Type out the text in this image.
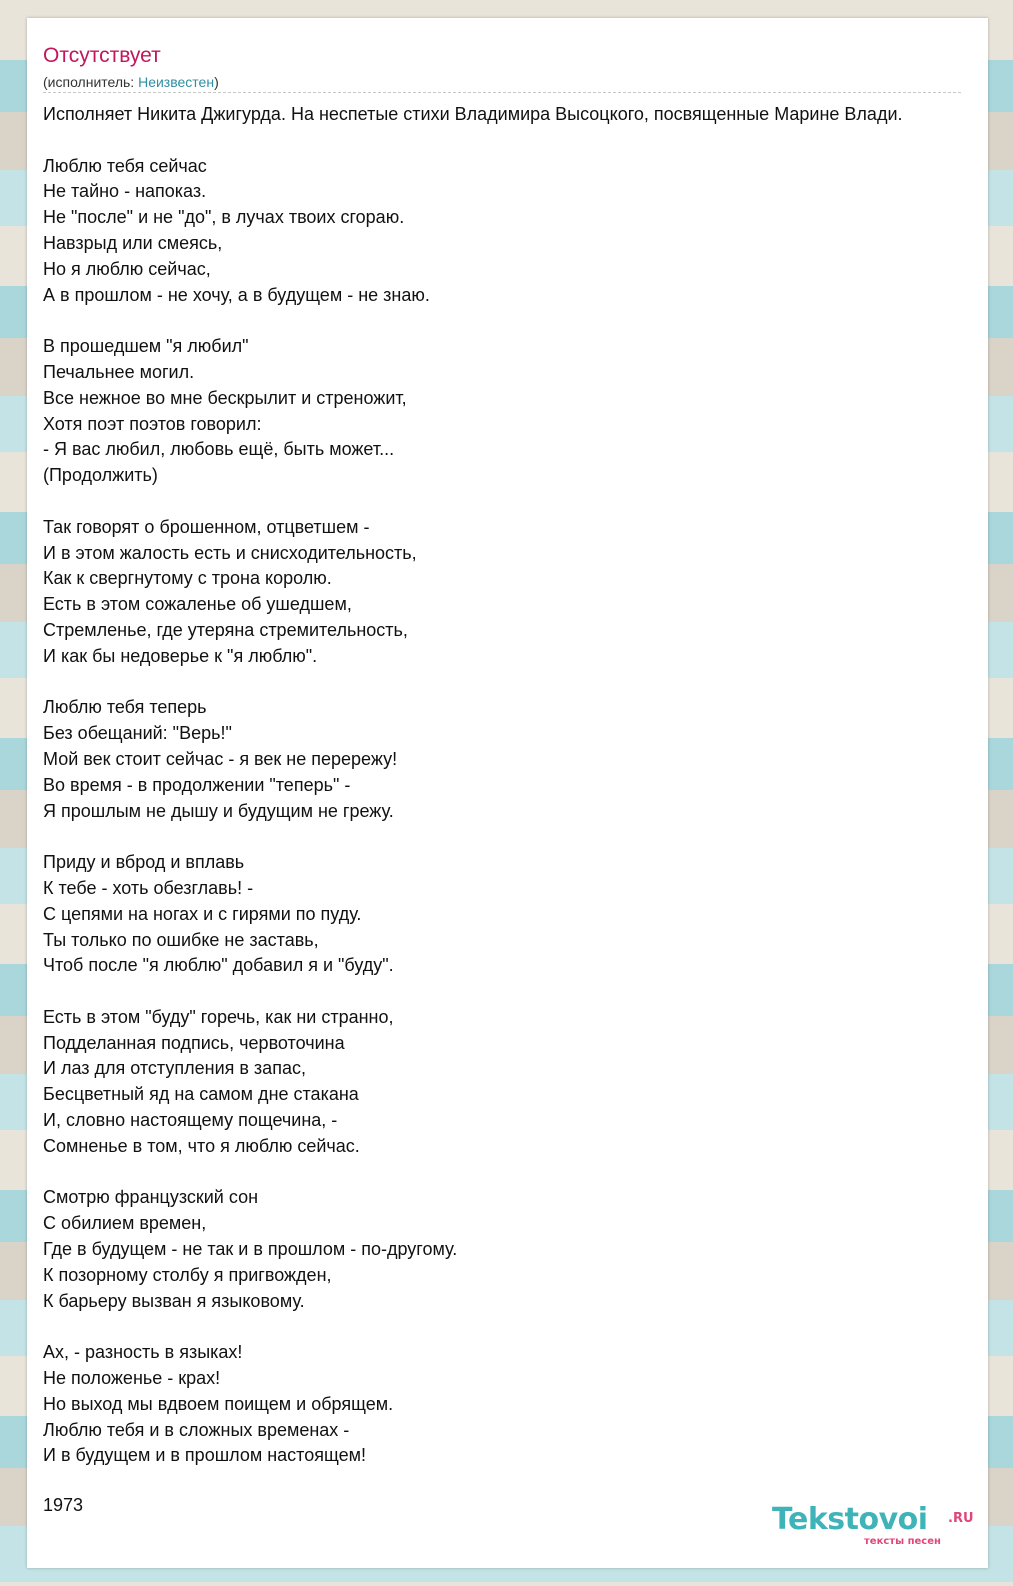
Отсутствует
(исполнитель: Неизвестен)
Исполняет Никита Джигурда. На неспетые стихи Владимира Высоцкого, посвященные Марине Влади.
Люблю тебя сейчас
Не тайно - напоказ.
Не "после" и не "до", в лучах твоих сгораю.
Навзрыд или смеясь,
Но я люблю сейчас,
А в прошлом - не хочу, а в будущем - не знаю.
В прошедшем "я любил"
Печальнее могил.
Все нежное во мне бескрылит и стреножит,
Хотя поэт поэтов говорил:
- Я вас любил, любовь ещё, быть может...
(Продолжить)
Так говорят о брошенном, отцветшем -
И в этом жалость есть и снисходительность,
Как к свергнутому с трона королю.
Есть в этом сожаленье об ушедшем,
Стремленье, где утеряна стремительность,
И как бы недоверье к "я люблю".
Люблю тебя теперь
Без обещаний: "Верь!"
Мой век стоит сейчас - я век не перережу!
Во время - в продолжении "теперь" -
Я прошлым не дышу и будущим не грежу.
Приду и вброд и вплавь
К тебе - хоть обезглавь! -
С цепями на ногах и с гирями по пуду.
Ты только по ошибке не заставь,
Чтоб после "я люблю" добавил я и "буду".
Есть в этом "буду" горечь, как ни странно,
Подделанная подпись, червоточина
И лаз для отступления в запас,
Бесцветный яд на самом дне стакана
И, словно настоящему пощечина, -
Сомненье в том, что я люблю сейчас.
Смотрю французский сон
С обилием времен,
Где в будущем - не так и в прошлом - по-другому.
К позорному столбу я пригвожден,
К барьеру вызван я языковому.
Ах, - разность в языках!
Не положенье - крах!
Но выход мы вдвоем поищем и обрящем.
Люблю тебя и в сложных временах -
И в будущем и в прошлом настоящем!
1973	Tekstovoi .RU
тексты песен
